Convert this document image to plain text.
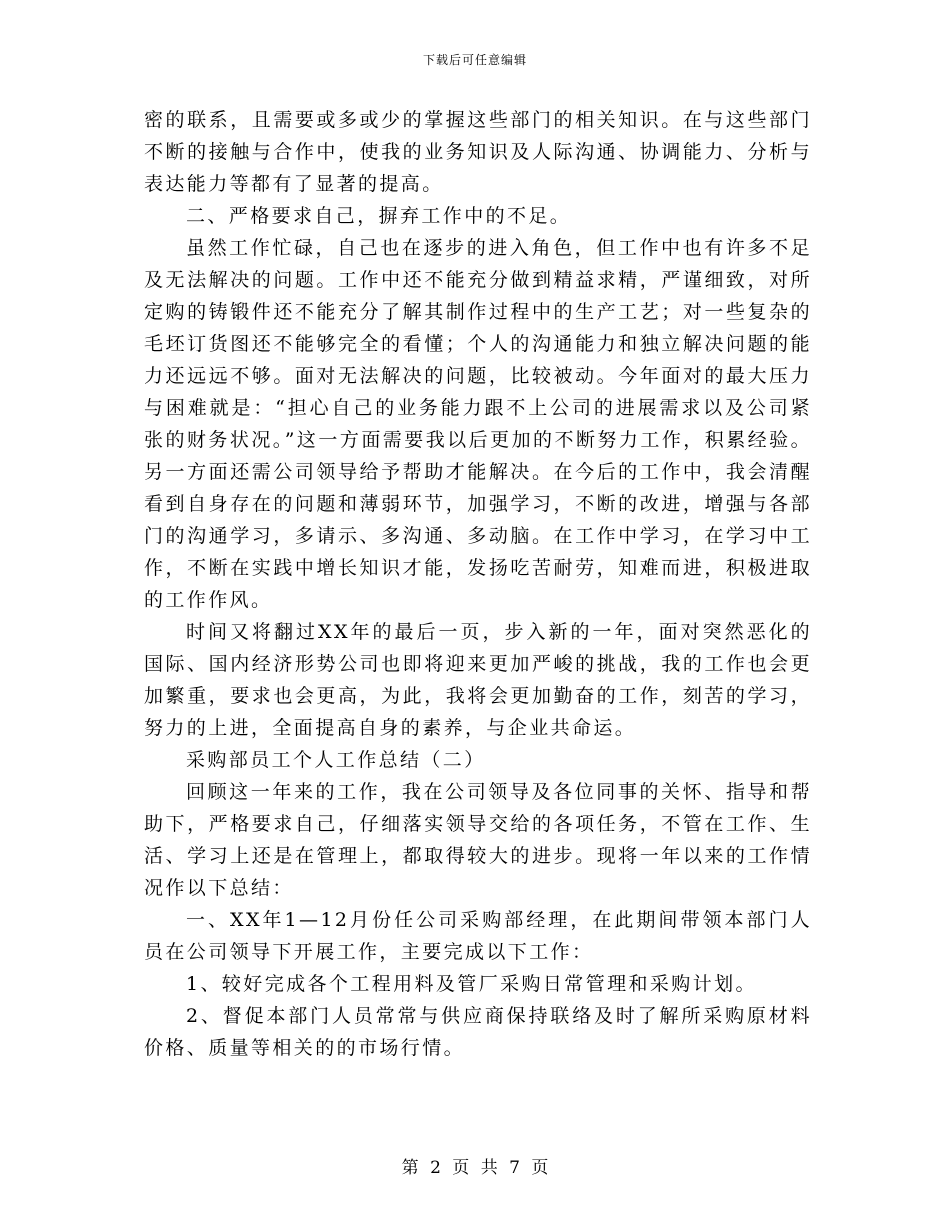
下载后可任意编辑

密的联系，且需要或多或少的掌握这些部门的相关知识。在与这些部门不断的接触与合作中，使我的业务知识及人际沟通、协调能力、分析与表达能力等都有了显著的提高。

二、严格要求自己，摒弃工作中的不足。

虽然工作忙碌，自己也在逐步的进入角色，但工作中也有许多不足及无法解决的问题。工作中还不能充分做到精益求精，严谨细致，对所定购的铸锻件还不能充分了解其制作过程中的生产工艺；对一些复杂的毛坯订货图还不能够完全的看懂；个人的沟通能力和独立解决问题的能力还远远不够。面对无法解决的问题，比较被动。今年面对的最大压力与困难就是：“担心自己的业务能力跟不上公司的进展需求以及公司紧张的财务状况。”这一方面需要我以后更加的不断努力工作，积累经验。另一方面还需公司领导给予帮助才能解决。在今后的工作中，我会清醒看到自身存在的问题和薄弱环节，加强学习，不断的改进，增强与各部门的沟通学习，多请示、多沟通、多动脑。在工作中学习，在学习中工作，不断在实践中增长知识才能，发扬吃苦耐劳，知难而进，积极进取的工作作风。

时间又将翻过XX年的最后一页，步入新的一年，面对突然恶化的国际、国内经济形势公司也即将迎来更加严峻的挑战，我的工作也会更加繁重，要求也会更高，为此，我将会更加勤奋的工作，刻苦的学习，努力的上进，全面提高自身的素养，与企业共命运。

采购部员工个人工作总结（二）

回顾这一年来的工作，我在公司领导及各位同事的关怀、指导和帮助下，严格要求自己，仔细落实领导交给的各项任务，不管在工作、生活、学习上还是在管理上，都取得较大的进步。现将一年以来的工作情况作以下总结：

一、XX年1—12月份任公司采购部经理，在此期间带领本部门人员在公司领导下开展工作，主要完成以下工作：

1、较好完成各个工程用料及管厂采购日常管理和采购计划。

2、督促本部门人员常常与供应商保持联络及时了解所采购原材料价格、质量等相关的的市场行情。

第 2 页 共 7 页
